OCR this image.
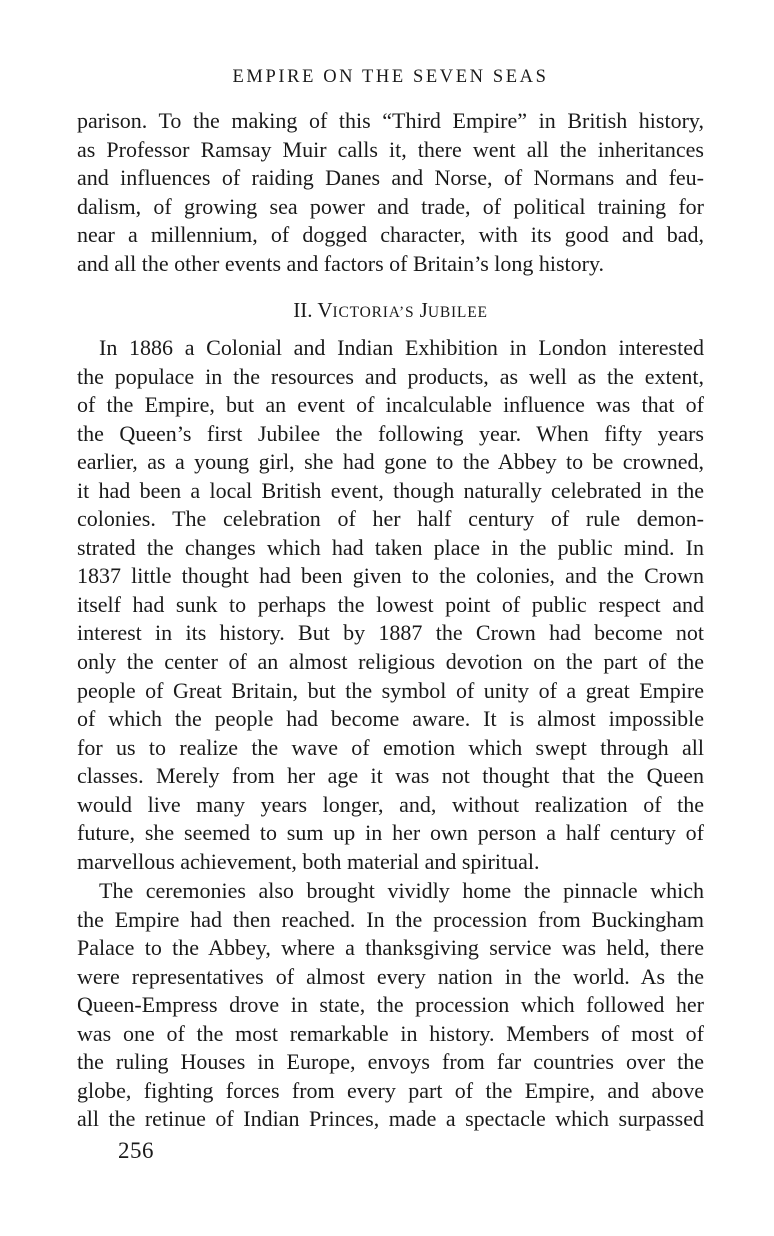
EMPIRE ON THE SEVEN SEAS
parison. To the making of this “Third Empire” in British history,
as Professor Ramsay Muir calls it, there went all the inheritances
and influences of raiding Danes and Norse, of Normans and feu-
dalism, of growing sea power and trade, of political training for
near a millennium, of dogged character, with its good and bad,
and all the other events and factors of Britain’s long history.
II. VICTORIA’S JUBILEE
In 1886 a Colonial and Indian Exhibition in London interested
the populace in the resources and products, as well as the extent,
of the Empire, but an event of incalculable influence was that of
the Queen’s first Jubilee the following year. When fifty years
earlier, as a young girl, she had gone to the Abbey to be crowned,
it had been a local British event, though naturally celebrated in the
colonies. The celebration of her half century of rule demon-
strated the changes which had taken place in the public mind. In
1837 little thought had been given to the colonies, and the Crown
itself had sunk to perhaps the lowest point of public respect and
interest in its history. But by 1887 the Crown had become not
only the center of an almost religious devotion on the part of the
people of Great Britain, but the symbol of unity of a great Empire
of which the people had become aware. It is almost impossible
for us to realize the wave of emotion which swept through all
classes. Merely from her age it was not thought that the Queen
would live many years longer, and, without realization of the
future, she seemed to sum up in her own person a half century of
marvellous achievement, both material and spiritual.
The ceremonies also brought vividly home the pinnacle which
the Empire had then reached. In the procession from Buckingham
Palace to the Abbey, where a thanksgiving service was held, there
were representatives of almost every nation in the world. As the
Queen-Empress drove in state, the procession which followed her
was one of the most remarkable in history. Members of most of
the ruling Houses in Europe, envoys from far countries over the
globe, fighting forces from every part of the Empire, and above
all the retinue of Indian Princes, made a spectacle which surpassed
256
